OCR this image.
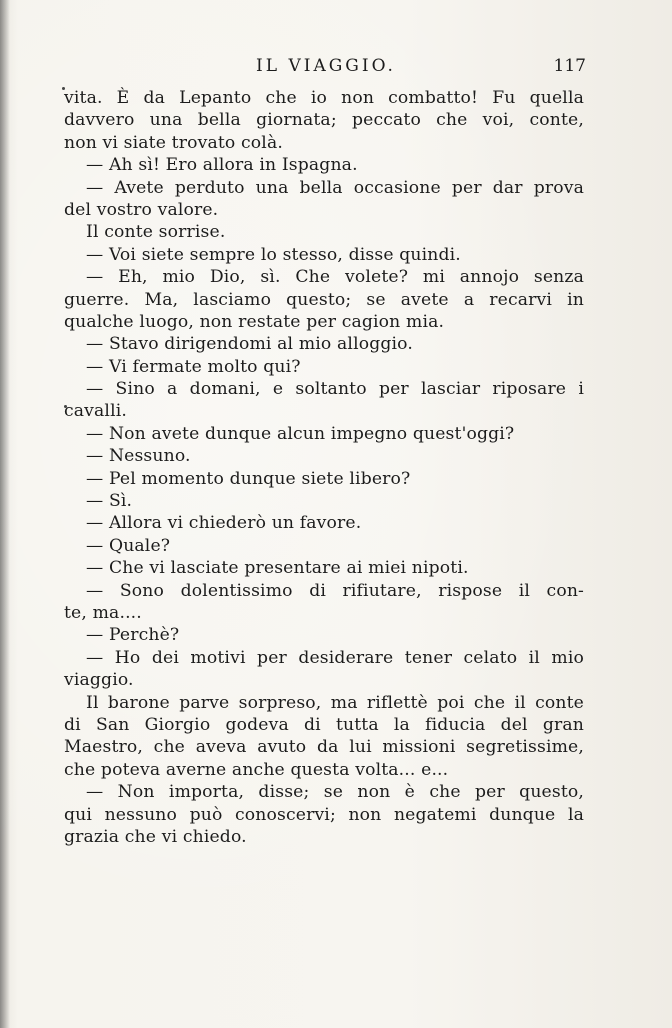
IL VIAGGIO.	117
vita. È da Lepanto che io non combatto! Fu quella
davvero una bella giornata; peccato che voi, conte,
non vi siate trovato colà.
— Ah sì! Ero allora in Ispagna.
— Avete perduto una bella occasione per dar prova
del vostro valore.
Il conte sorrise.
— Voi siete sempre lo stesso, disse quindi.
— Eh, mio Dio, sì. Che volete? mi annojo senza
guerre. Ma, lasciamo questo; se avete a recarvi in
qualche luogo, non restate per cagion mia.
— Stavo dirigendomi al mio alloggio.
— Vi fermate molto qui?
— Sino a domani, e soltanto per lasciar riposare i
cavalli.
— Non avete dunque alcun impegno quest'oggi?
— Nessuno.
— Pel momento dunque siete libero?
— Sì.
— Allora vi chiederò un favore.
— Quale?
— Che vi lasciate presentare ai miei nipoti.
— Sono dolentissimo di rifiutare, rispose il con-
te, ma....
— Perchè?
— Ho dei motivi per desiderare tener celato il mio
viaggio.
Il barone parve sorpreso, ma riflettè poi che il conte
di San Giorgio godeva di tutta la fiducia del gran
Maestro, che aveva avuto da lui missioni segretissime,
che poteva averne anche questa volta... e...
— Non importa, disse; se non è che per questo,
qui nessuno può conoscervi; non negatemi dunque la
grazia che vi chiedo.
